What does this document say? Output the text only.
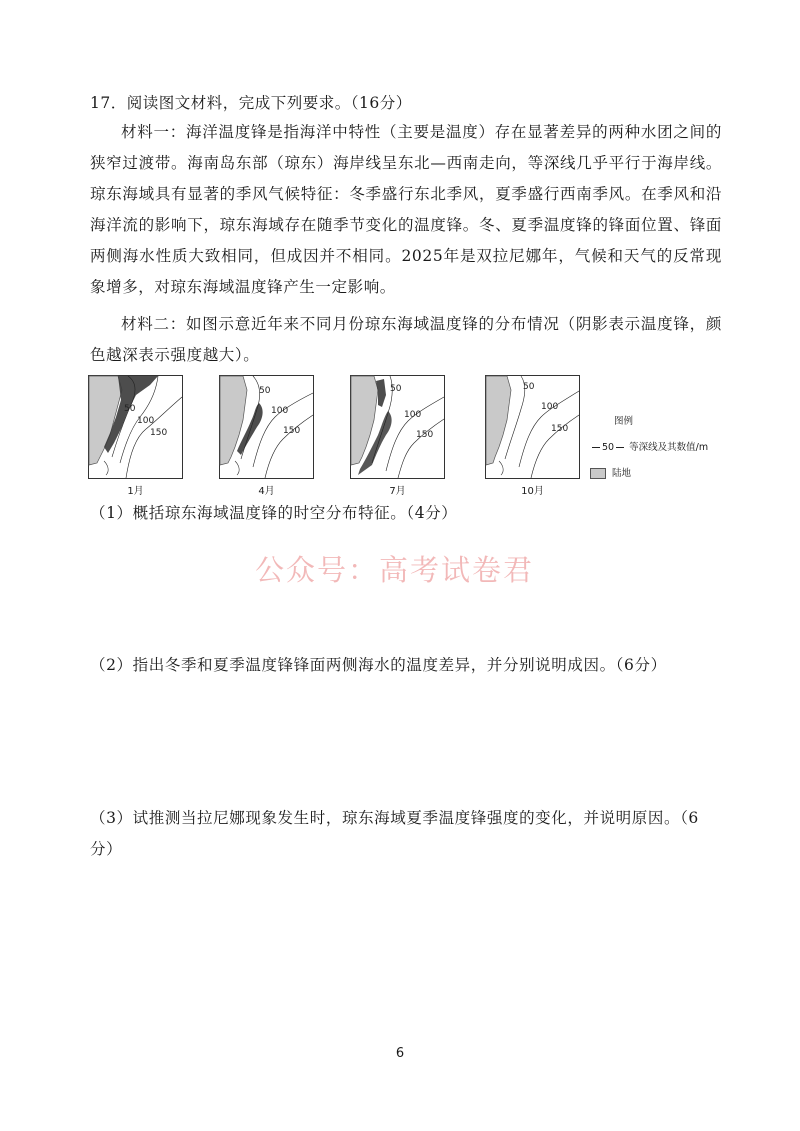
17．阅读图文材料，完成下列要求。（16分）
材料一：海洋温度锋是指海洋中特性（主要是温度）存在显著差异的两种水团之间的狭窄过渡带。海南岛东部（琼东）海岸线呈东北—西南走向，等深线几乎平行于海岸线。琼东海域具有显著的季风气候特征：冬季盛行东北季风，夏季盛行西南季风。在季风和沿海洋流的影响下，琼东海域存在随季节变化的温度锋。冬、夏季温度锋的锋面位置、锋面两侧海水性质大致相同，但成因并不相同。2025年是双拉尼娜年，气候和天气的反常现象增多，对琼东海域温度锋产生一定影响。
材料二：如图示意近年来不同月份琼东海域温度锋的分布情况（阴影表示温度锋，颜色越深表示强度越大）。
50
100
150
1月
50
100
150
4月
50
100
150
7月
50
100
150
10月
图例
50 等深线及其数值/m
陆地
（1）概括琼东海域温度锋的时空分布特征。（4分）
公众号：高考试卷君
（2）指出冬季和夏季温度锋锋面两侧海水的温度差异，并分别说明成因。（6分）
（3）试推测当拉尼娜现象发生时，琼东海域夏季温度锋强度的变化，并说明原因。（6分）
6
